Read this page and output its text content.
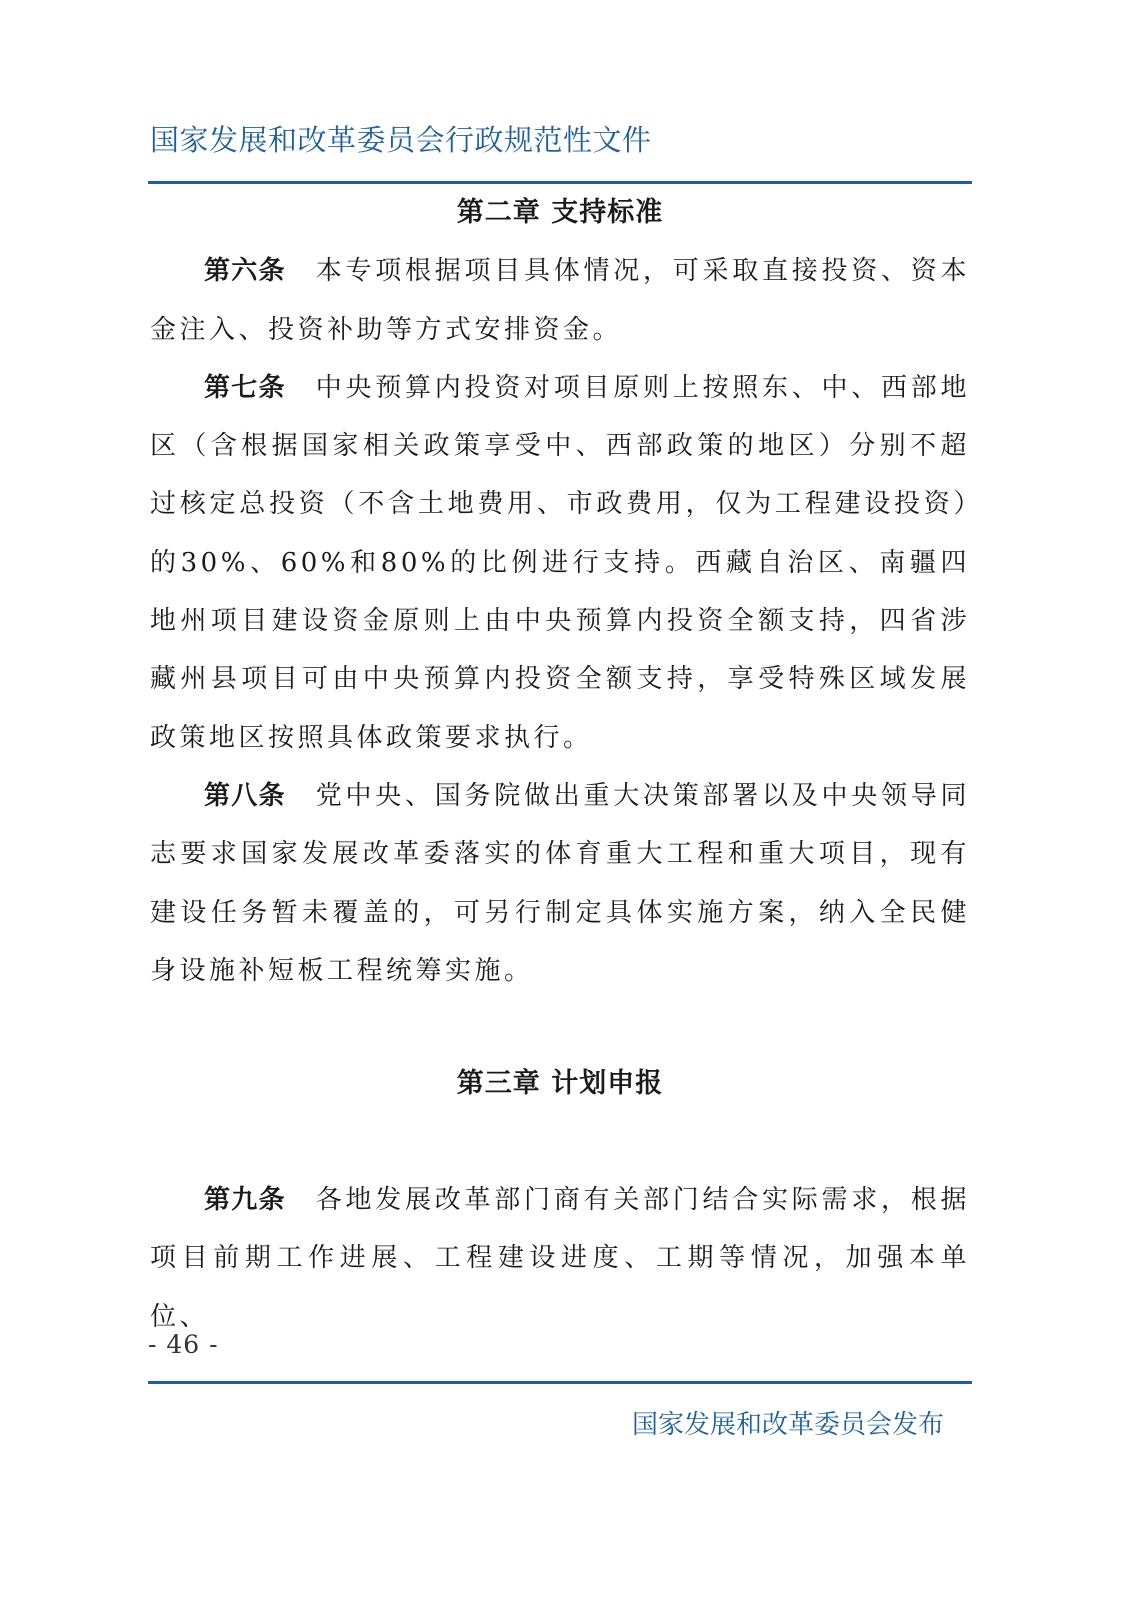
国家发展和改革委员会行政规范性文件
第二章 支持标准

第六条 本专项根据项目具体情况，可采取直接投资、资本金注入、投资补助等方式安排资金。

第七条 中央预算内投资对项目原则上按照东、中、西部地区（含根据国家相关政策享受中、西部政策的地区）分别不超过核定总投资（不含土地费用、市政费用，仅为工程建设投资）的30%、60%和80%的比例进行支持。西藏自治区、南疆四地州项目建设资金原则上由中央预算内投资全额支持，四省涉藏州县项目可由中央预算内投资全额支持，享受特殊区域发展政策地区按照具体政策要求执行。

第八条 党中央、国务院做出重大决策部署以及中央领导同志要求国家发展改革委落实的体育重大工程和重大项目，现有建设任务暂未覆盖的，可另行制定具体实施方案，纳入全民健身设施补短板工程统筹实施。

第三章 计划申报

第九条 各地发展改革部门商有关部门结合实际需求，根据项目前期工作进展、工程建设进度、工期等情况，加强本单位、

- 46 -
国家发展和改革委员会发布
